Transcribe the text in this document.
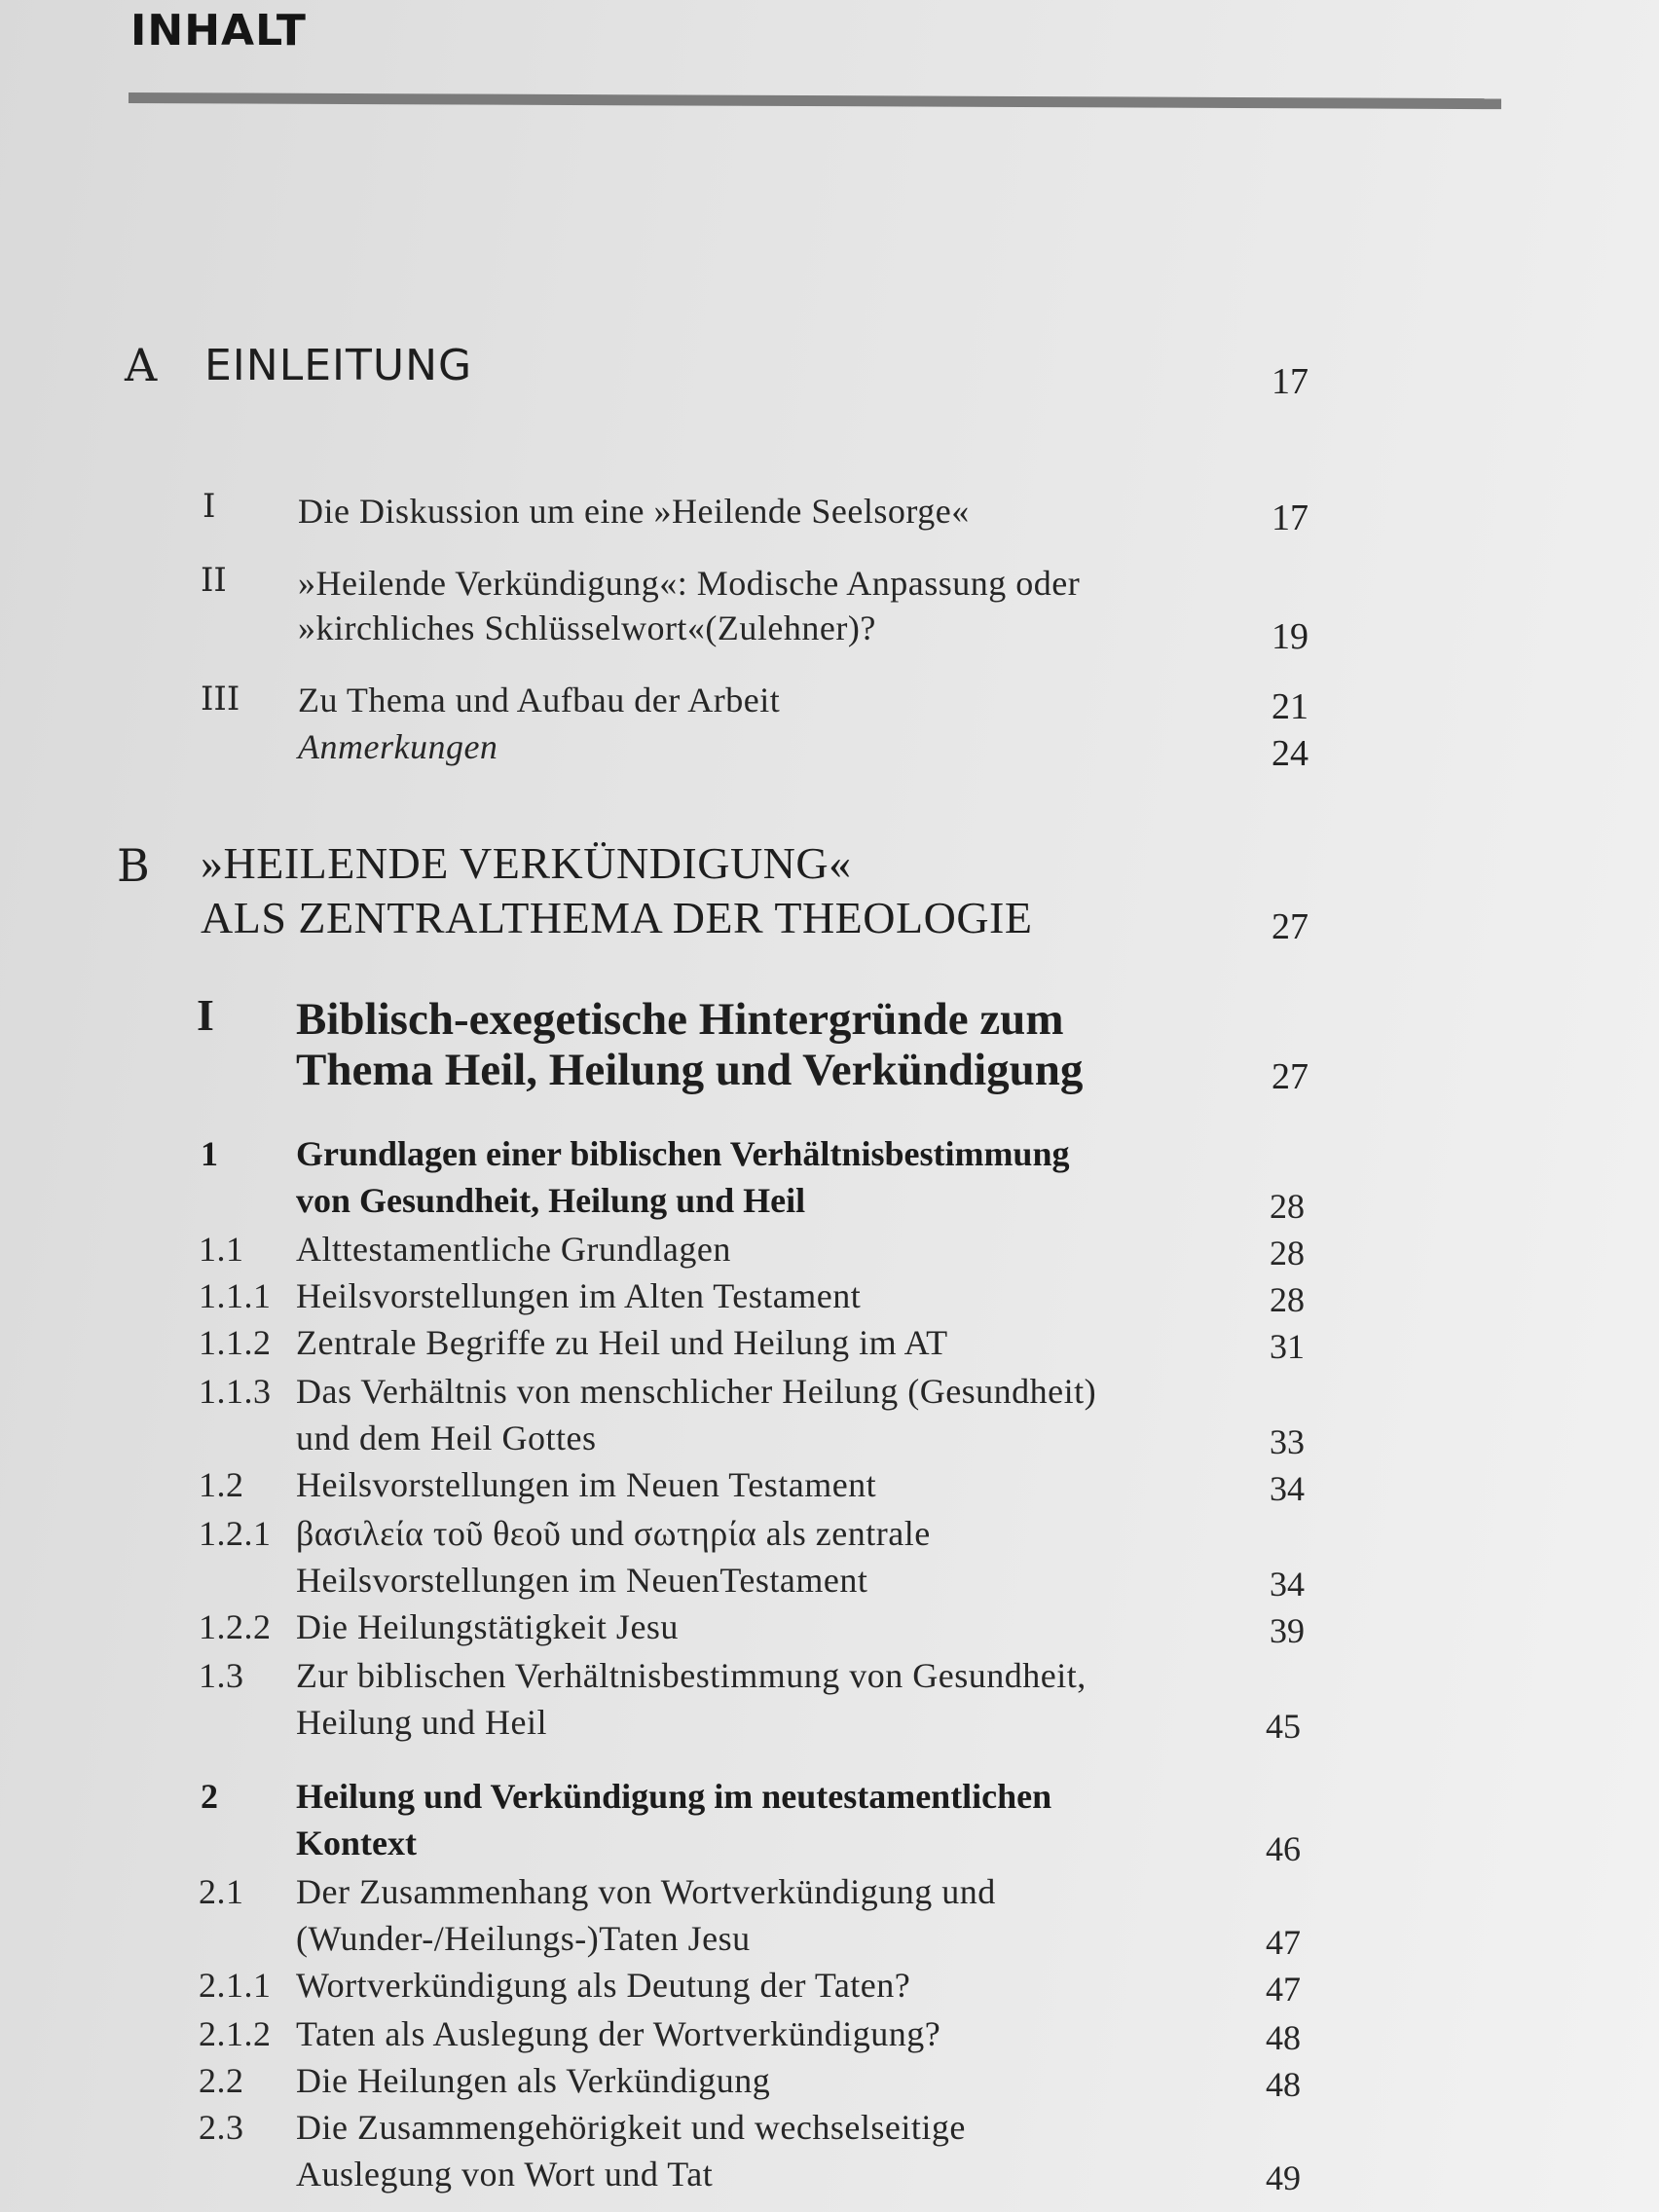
INHALT
A EINLEITUNG	17
I Die Diskussion um eine »Heilende Seelsorge«	17
II »Heilende Verkündigung«: Modische Anpassung oder
»kirchliches Schlüsselwort«(Zulehner)?	19
III Zu Thema und Aufbau der Arbeit	21
Anmerkungen	24
B »HEILENDE VERKÜNDIGUNG«
ALS ZENTRALTHEMA DER THEOLOGIE	27
I Biblisch-exegetische Hintergründe zum
Thema Heil, Heilung und Verkündigung	27
1 Grundlagen einer biblischen Verhältnisbestimmung
von Gesundheit, Heilung und Heil	28
1.1 Alttestamentliche Grundlagen	28
1.1.1 Heilsvorstellungen im Alten Testament	28
1.1.2 Zentrale Begriffe zu Heil und Heilung im AT	31
1.1.3 Das Verhältnis von menschlicher Heilung (Gesundheit)
und dem Heil Gottes	33
1.2 Heilsvorstellungen im Neuen Testament	34
1.2.1 βασιλεία τοῦ θεοῦ und σωτηρία als zentrale
Heilsvorstellungen im NeuenTestament	34
1.2.2 Die Heilungstätigkeit Jesu	39
1.3 Zur biblischen Verhältnisbestimmung von Gesundheit,
Heilung und Heil	45
2 Heilung und Verkündigung im neutestamentlichen
Kontext	46
2.1 Der Zusammenhang von Wortverkündigung und
(Wunder-/Heilungs-)Taten Jesu	47
2.1.1 Wortverkündigung als Deutung der Taten?	47
2.1.2 Taten als Auslegung der Wortverkündigung?	48
2.2 Die Heilungen als Verkündigung	48
2.3 Die Zusammengehörigkeit und wechselseitige
Auslegung von Wort und Tat	49
